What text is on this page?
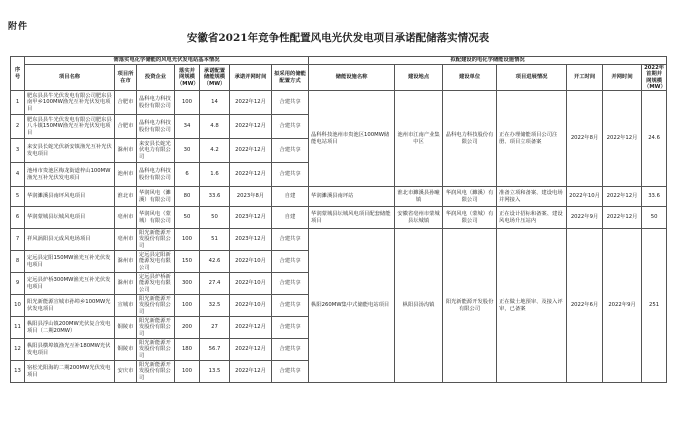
附件
安徽省2021年竞争性配置风电光伏发电项目承诺配储落实情况表
序号	需落实电化学储能的风电光伏发电站基本情况							拟配建设的电化学储能设施情况						
	项目名称	项目所在市	投资企业	落实并网规模（MW）	承诺配置储能规模（MW）	承诺并网时间	拟采用的储能配置方式	储能设施名称	建设地点	建设单位	项目进展情况	开工时间	并网时间	2022年首期并网规模（MW）
1	肥东县县牛光伏发电有限公司肥东县南甲乡100MW渔光互补光伏发电项目	合肥市	晶科电力科技股份有限公司	100	14	2022年12月	合建共享	晶科科技池州市贵池区100MW储能电站项目	池州市江南产业集中区	晶科电力科技股份有限公司	正在办理储能项目公司注册、项目立项备案	2022年8月	2022年12月	24.6
2	肥东县县牛光伏发电有限公司肥东县八斗镇150MW渔光互补光伏发电项目	合肥市	晶科电力科技股份有限公司	34	4.8	2022年12月	合建共享							
3	来安县长蛇光伏新安镇渔光互补光伏发电项目	滁州市	来安县长蛇光伏电力有限公司	30	4.2	2022年12月	合建共享							
4	池州市贵池区梅龙街道梓山100MW渔光互补光伏发电项目	池州市	晶科电力科技股份有限公司	6	1.6	2022年12月	合建共享							
5	华润濉溪县南坪风电项目	淮北市	华润风电（濉溪）有限公司	80	33.6	2023年8月	自建	华润濉溪县南坪站	淮北市濉溪县孙疃镇	华润风电（濉溪）有限公司	准备立项和备案、建设电场并网接入	2022年10月	2022年12月	33.6
6	华润蒙城县坛城风电项目	亳州市	华润风电（蒙城）有限公司	50	50	2023年12月	自建	华润蒙城县坛城风电项目配套储能项目	安徽省亳州市蒙城县坛城镇	华润风电（蒙城）有限公司	正在设计招标和备案、建设风电场升压站内	2022年9月	2022年12月	50
7	祥风涡阳县元成风电场项目	亳州市	阳光新能源开发股份有限公司	100	51	2023年12月	合建共享	枞阳260MW集中式储能电站项目	枞阳县汤沟镇	阳光新能源开发股份有限公司	正在做土地预审、及接入评审，已备案	2022年6月	2022年9月	251
8	定远县定阳150MW渔光互补光伏发电项目	滁州市	定远县定阳新能源发电有限公司	150	42.6	2022年10月	合建共享							
9	定远县炉桥300MW渔光互补光伏发电项目	滁州市	定远县炉桥新能源发电有限公司	300	27.4	2022年10月	合建共享							
10	阳光新能源宣城市孙埠乡100MW光伏发电项目	宣城市	阳光新能源开发股份有限公司	100	32.5	2022年10月	合建共享							
11	枞阳县浮山镇200MW光伏复合发电项目（二期20MW）	铜陵市	阳光新能源开发股份有限公司	200	27	2022年12月	合建共享							
12	枞阳县横埠镇渔光互补180MW光伏发电项目	铜陵市	阳光新能源开发股份有限公司	180	56.7	2022年12月	合建共享							
13	宿松光阳海的二期200MW光伏发电项目	安庆市	阳光新能源开发股份有限公司	100	13.5	2022年12月	合建共享							
